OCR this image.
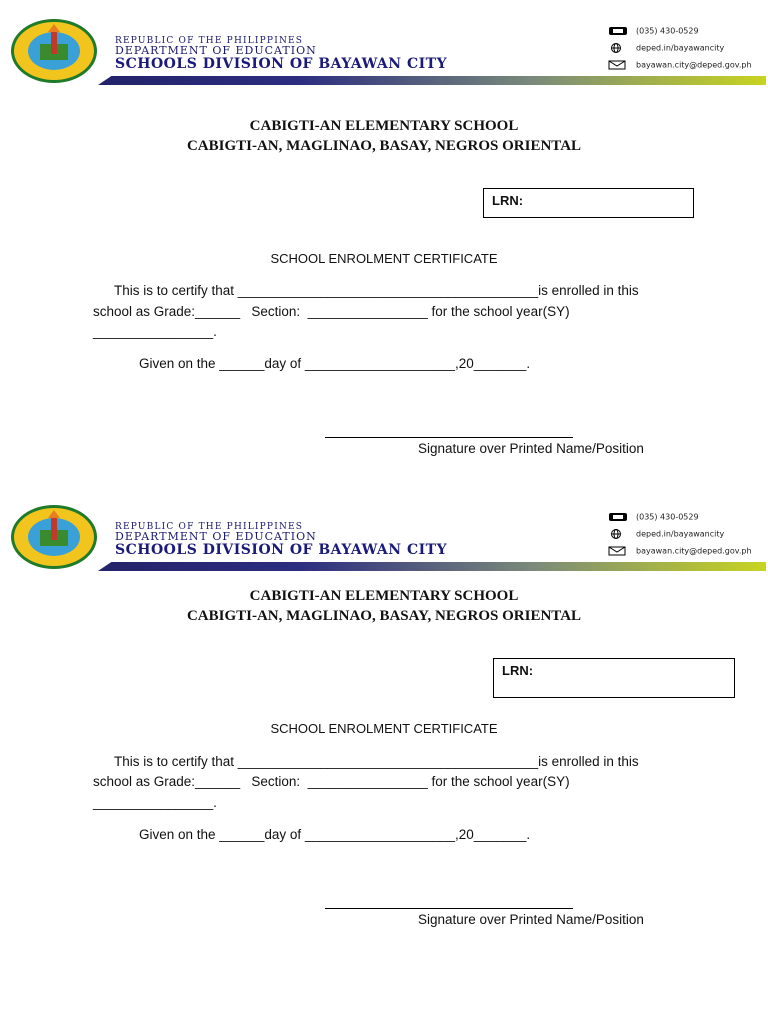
REPUBLIC OF THE PHILIPPINES
DEPARTMENT OF EDUCATION
SCHOOLS DIVISION OF BAYAWAN CITY
(035) 430-0529
deped.in/bayawancity
bayawan.city@deped.gov.ph
CABIGTI-AN ELEMENTARY SCHOOL
CABIGTI-AN, MAGLINAO, BASAY, NEGROS ORIENTAL
LRN:
SCHOOL ENROLMENT CERTIFICATE
This is to certify that ________________________________________is enrolled in this
school as Grade:______   Section:  ________________ for the school year(SY)
________________.
Given on the ______day of ____________________,20_______.
Signature over Printed Name/Position
REPUBLIC OF THE PHILIPPINES
DEPARTMENT OF EDUCATION
SCHOOLS DIVISION OF BAYAWAN CITY
(035) 430-0529
deped.in/bayawancity
bayawan.city@deped.gov.ph
CABIGTI-AN ELEMENTARY SCHOOL
CABIGTI-AN, MAGLINAO, BASAY, NEGROS ORIENTAL
LRN:
SCHOOL ENROLMENT CERTIFICATE
This is to certify that ________________________________________is enrolled in this
school as Grade:______   Section:  ________________ for the school year(SY)
________________.
Given on the ______day of ____________________,20_______.
Signature over Printed Name/Position
